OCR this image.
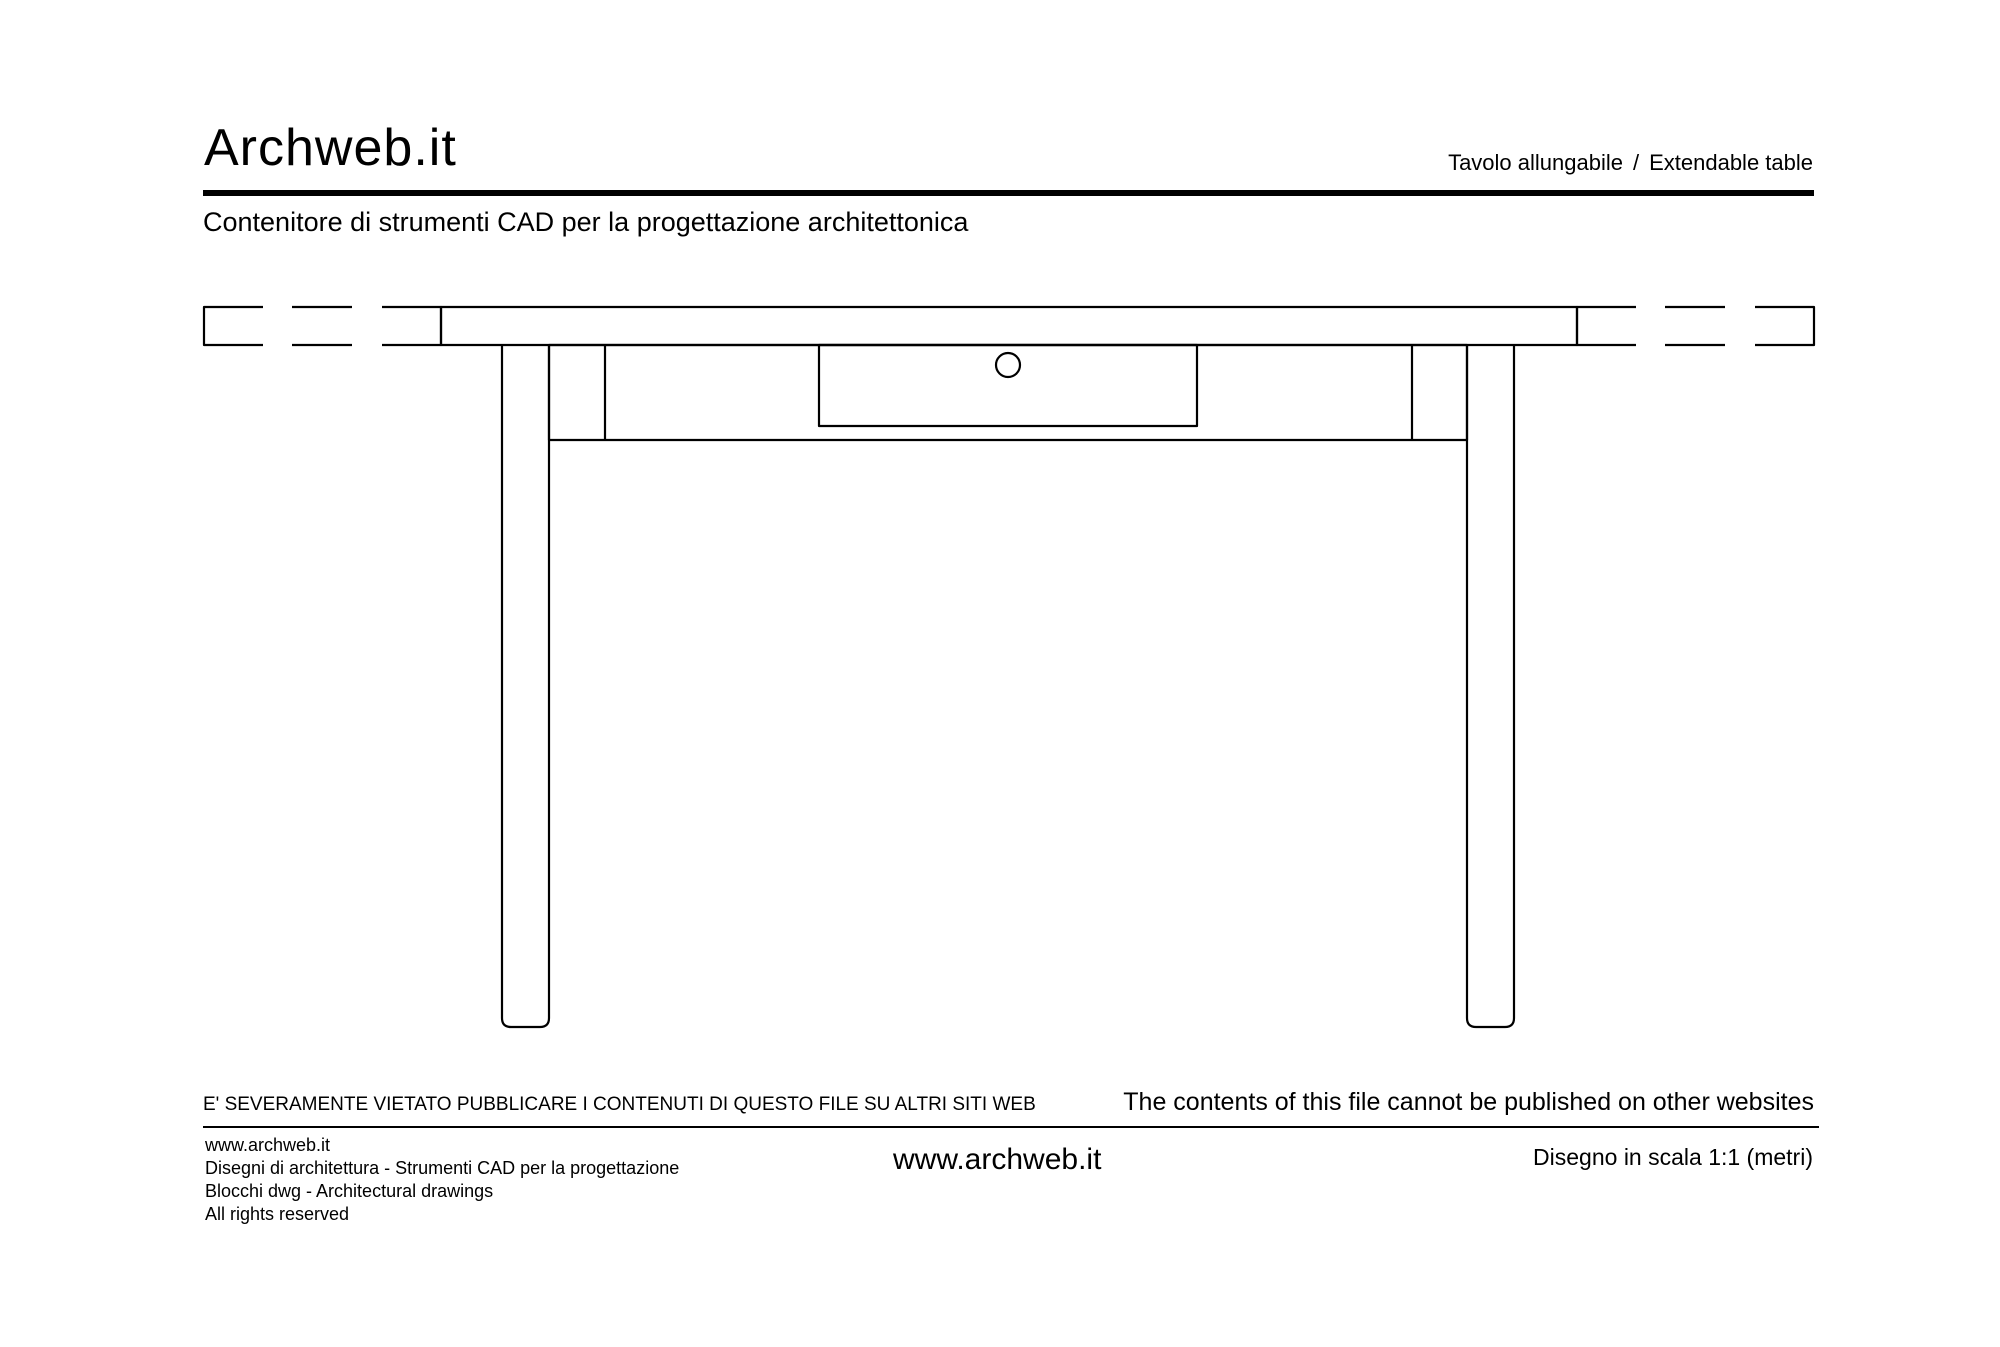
Archweb.it	Tavolo allungabile / Extendable table
Contenitore di strumenti CAD per la progettazione architettonica
E' SEVERAMENTE VIETATO PUBBLICARE I CONTENUTI DI QUESTO FILE SU ALTRI SITI WEB	The contents of this file cannot be published on other websites
www.archweb.it
Disegni di architettura - Strumenti CAD per la progettazione
Blocchi dwg - Architectural drawings
All rights reserved
www.archweb.it	Disegno in scala 1:1 (metri)
